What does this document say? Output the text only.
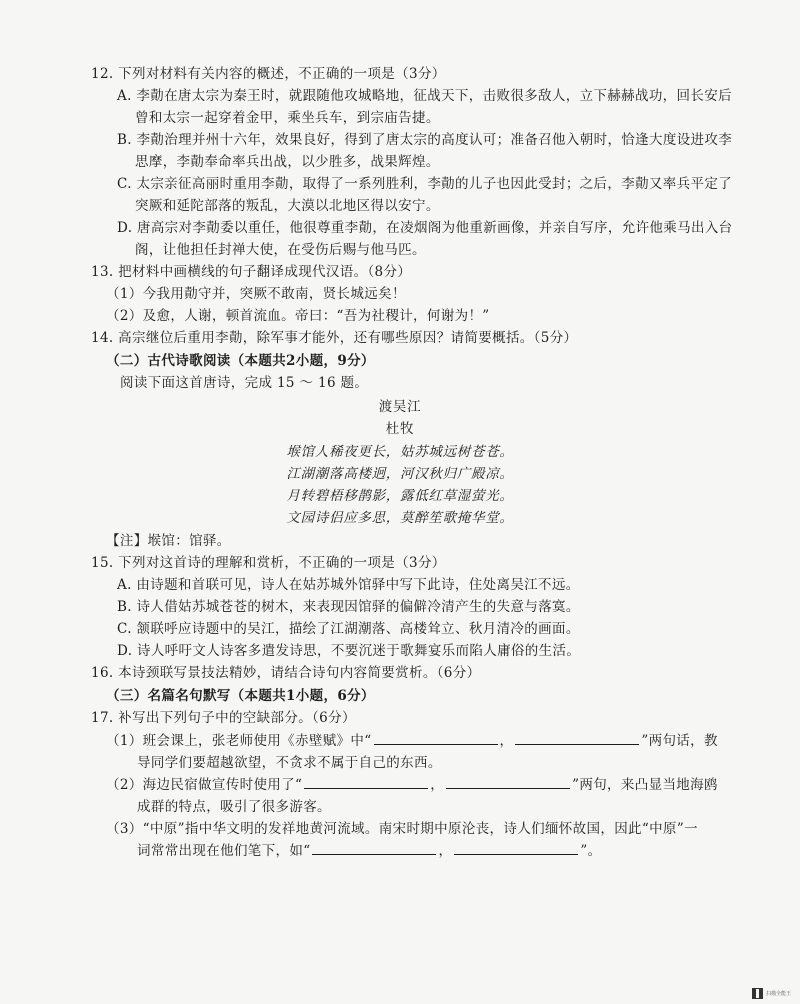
12. 下列对材料有关内容的概述，不正确的一项是（3分）
A. 李勣在唐太宗为秦王时，就跟随他攻城略地，征战天下，击败很多敌人，立下赫赫战功，回长安后
曾和太宗一起穿着金甲，乘坐兵车，到宗庙告捷。
B. 李勣治理并州十六年，效果良好，得到了唐太宗的高度认可；准备召他入朝时，恰逢大度设进攻李
思摩，李勣奉命率兵出战，以少胜多，战果辉煌。
C. 太宗亲征高丽时重用李勣，取得了一系列胜利，李勣的儿子也因此受封；之后，李勣又率兵平定了
突厥和延陀部落的叛乱，大漠以北地区得以安宁。
D. 唐高宗对李勣委以重任，他很尊重李勣，在凌烟阁为他重新画像，并亲自写序，允许他乘马出入台
阁，让他担任封禅大使，在受伤后赐与他马匹。
13. 把材料中画横线的句子翻译成现代汉语。（8分）
（1）今我用勣守并，突厥不敢南，贤长城远矣！
（2）及愈，人谢，顿首流血。帝曰：“吾为社稷计，何谢为！”
14. 高宗继位后重用李勣，除军事才能外，还有哪些原因？请简要概括。（5分）
（二）古代诗歌阅读（本题共2小题，9分）
阅读下面这首唐诗，完成 15 ～ 16 题。
渡吴江
杜牧
堠馆人稀夜更长，姑苏城远树苍苍。
江湖潮落高楼迥，河汉秋归广殿凉。
月转碧梧移鹊影，露低红草湿萤光。
文园诗侣应多思，莫醉笙歌掩华堂。
【注】堠馆：馆驿。
15. 下列对这首诗的理解和赏析，不正确的一项是（3分）
A. 由诗题和首联可见，诗人在姑苏城外馆驿中写下此诗，住处离吴江不远。
B. 诗人借姑苏城苍苍的树木，来表现因馆驿的偏僻冷清产生的失意与落寞。
C. 颔联呼应诗题中的吴江，描绘了江湖潮落、高楼耸立、秋月清冷的画面。
D. 诗人呼吁文人诗客多遣发诗思，不要沉迷于歌舞宴乐而陷人庸俗的生活。
16. 本诗颈联写景技法精妙，请结合诗句内容简要赏析。（6分）
（三）名篇名句默写（本题共1小题，6分）
17. 补写出下列句子中的空缺部分。（6分）
（1）班会课上，张老师使用《赤壁赋》中“	，	”两句话，教
导同学们要超越欲望，不贪求不属于自己的东西。
（2）海边民宿做宣传时使用了“	，	”两句，来凸显当地海鸥
成群的特点，吸引了很多游客。
（3）“中原”指中华文明的发祥地黄河流域。南宋时期中原沦丧，诗人们缅怀故国，因此“中原”一
词常常出现在他们笔下，如“	，	”。
扫描全能王
